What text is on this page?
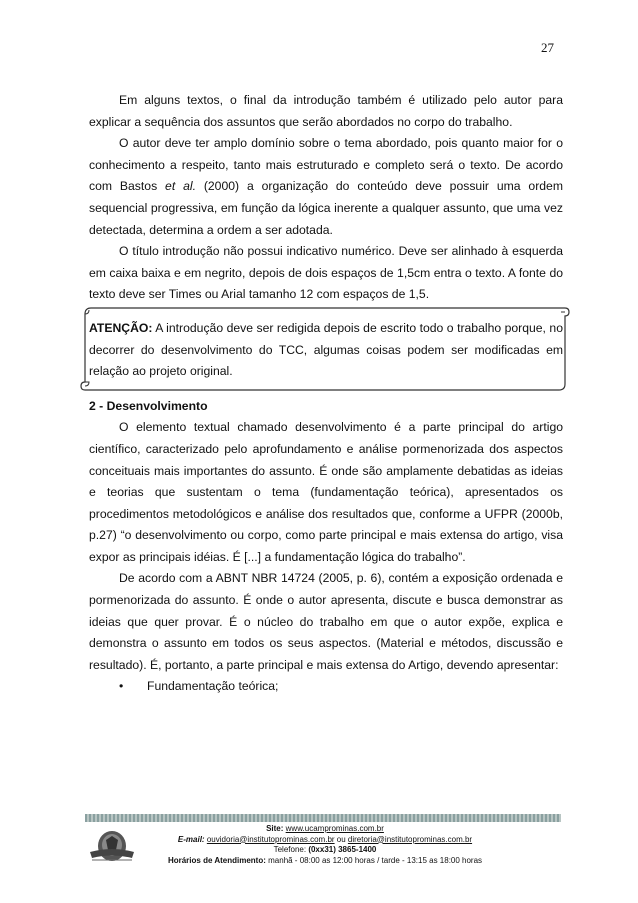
27

Em alguns textos, o final da introdução também é utilizado pelo autor para explicar a sequência dos assuntos que serão abordados no corpo do trabalho.

O autor deve ter amplo domínio sobre o tema abordado, pois quanto maior for o conhecimento a respeito, tanto mais estruturado e completo será o texto. De acordo com Bastos et al. (2000) a organização do conteúdo deve possuir uma ordem sequencial progressiva, em função da lógica inerente a qualquer assunto, que uma vez detectada, determina a ordem a ser adotada.

O título introdução não possui indicativo numérico. Deve ser alinhado à esquerda em caixa baixa e em negrito, depois de dois espaços de 1,5cm entra o texto. A fonte do texto deve ser Times ou Arial tamanho 12 com espaços de 1,5.

ATENÇÃO: A introdução deve ser redigida depois de escrito todo o trabalho porque, no decorrer do desenvolvimento do TCC, algumas coisas podem ser modificadas em relação ao projeto original.

2 - Desenvolvimento

O elemento textual chamado desenvolvimento é a parte principal do artigo científico, caracterizado pelo aprofundamento e análise pormenorizada dos aspectos conceituais mais importantes do assunto. É onde são amplamente debatidas as ideias e teorias que sustentam o tema (fundamentação teórica), apresentados os procedimentos metodológicos e análise dos resultados que, conforme a UFPR (2000b, p.27) “o desenvolvimento ou corpo, como parte principal e mais extensa do artigo, visa expor as principais idéias. É [...] a fundamentação lógica do trabalho”.

De acordo com a ABNT NBR 14724 (2005, p. 6), contém a exposição ordenada e pormenorizada do assunto. É onde o autor apresenta, discute e busca demonstrar as ideias que quer provar. É o núcleo do trabalho em que o autor expõe, explica e demonstra o assunto em todos os seus aspectos. (Material e métodos, discussão e resultado). É, portanto, a parte principal e mais extensa do Artigo, devendo apresentar:

•	Fundamentação teórica;
Site: www.ucamprominas.com.br
E-mail: ouvidoria@institutoprominas.com.br ou diretoria@institutoprominas.com.br
Telefone: (0xx31) 3865-1400
Horários de Atendimento: manhã - 08:00 as 12:00 horas / tarde - 13:15 as 18:00 horas
